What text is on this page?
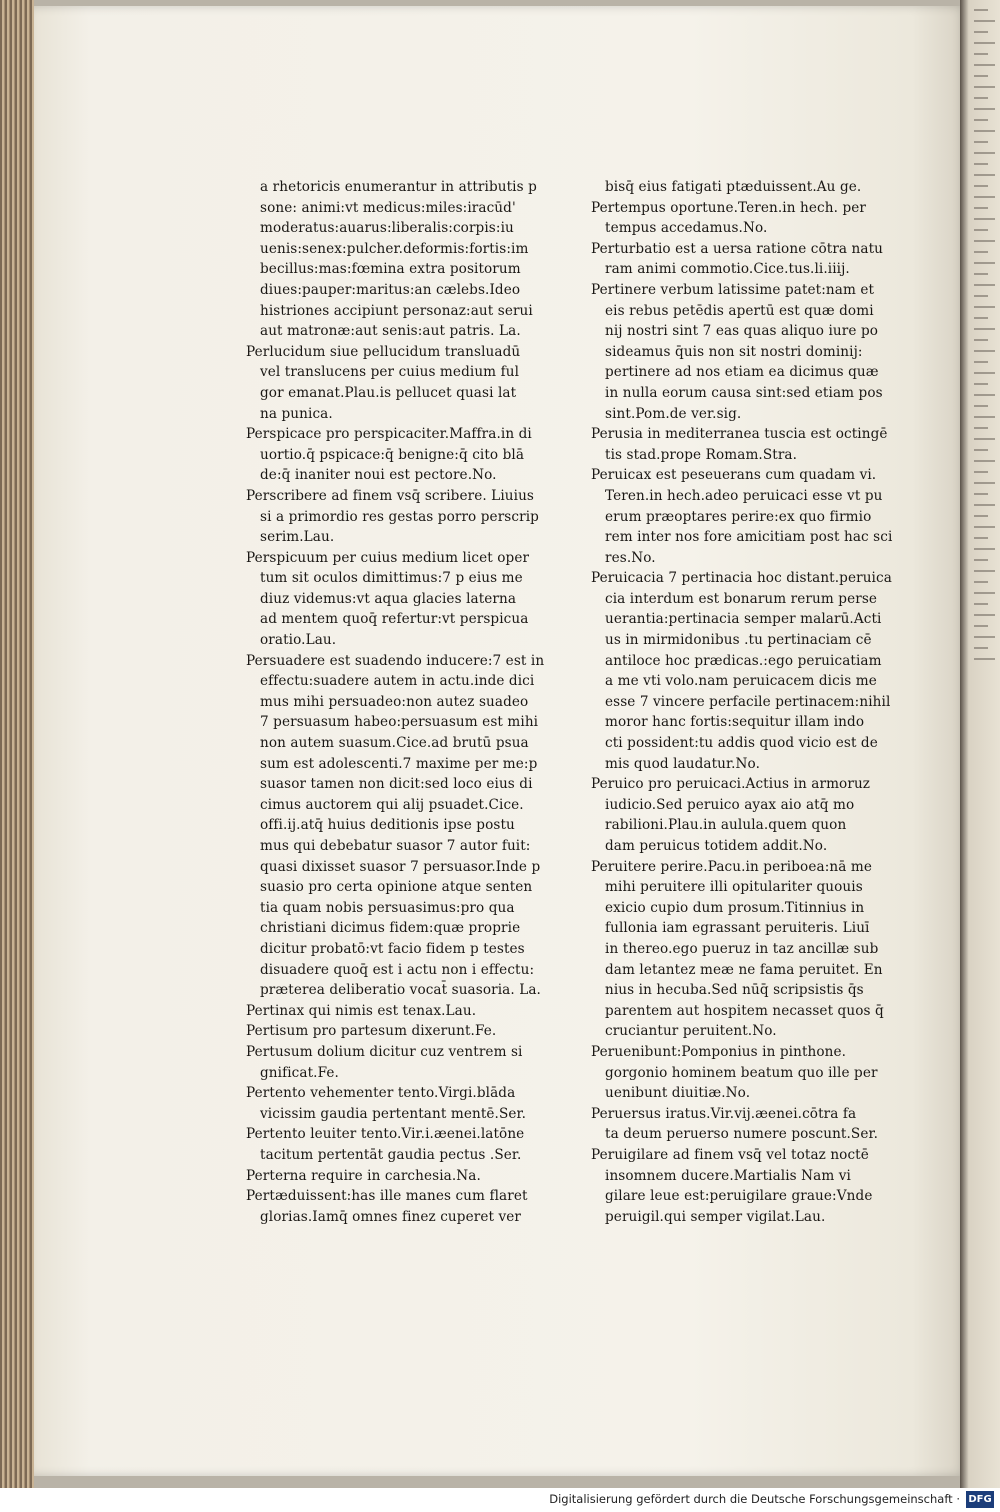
a rhetoricis enumerantur in attributis p
sone: animi:vt medicus:miles:iracūd'
moderatus:auarus:liberalis:corpis:iu
uenis:senex:pulcher.deformis:fortis:im
becillus:mas:fœmina extra positorum
diues:pauper:maritus:an cælebs.Ideo
histriones accipiunt personaz:aut serui
aut matronæ:aut senis:aut patris. La.
Perlucidum siue pellucidum transluadū
vel translucens per cuius medium ful
gor emanat.Plau.is pellucet quasi lat
na punica.
Perspicace pro perspicaciter.Maffra.in di
uortio.q̄ pspicace:q̄ benigne:q̄ cito blā
de:q̄ inaniter noui est pectore.No.
Perscribere ad finem vsq̄ scribere. Liuius
si a primordio res gestas porro perscrip
serim.Lau.
Perspicuum per cuius medium licet oper
tum sit oculos dimittimus:7 p eius me
diuz videmus:vt aqua glacies laterna
ad mentem quoq̄ refertur:vt perspicua
oratio.Lau.
Persuadere est suadendo inducere:7 est in
effectu:suadere autem in actu.inde dici
mus mihi persuadeo:non autez suadeo
7 persuasum habeo:persuasum est mihi
non autem suasum.Cice.ad brutū psua
sum est adolescenti.7 maxime per me:p
suasor tamen non dicit:sed loco eius di
cimus auctorem qui alij psuadet.Cice.
offi.ij.atq̄ huius deditionis ipse postu
mus qui debebatur suasor 7 autor fuit:
quasi dixisset suasor 7 persuasor.Inde p
suasio pro certa opinione atque senten
tia quam nobis persuasimus:pro qua
christiani dicimus fidem:quæ proprie
dicitur probatō:vt facio fidem p testes
disuadere quoq̄ est i actu non i effectu:
præterea deliberatio vocat̄ suasoria. La.
Pertinax qui nimis est tenax.Lau.
Pertisum pro partesum dixerunt.Fe.
Pertusum dolium dicitur cuz ventrem si
gnificat.Fe.
Pertento vehementer tento.Virgi.blāda
vicissim gaudia pertentant mentē.Ser.
Pertento leuiter tento.Vir.i.æenei.latōne
tacitum pertentāt gaudia pectus .Ser.
Perterna require in carchesia.Na.
Pertæduissent:has ille manes cum flaret
glorias.Iamq̄ omnes finez cuperet ver
bisq̄ eius fatigati ptæduissent.Au ge.
Pertempus oportune.Teren.in hech. per
tempus accedamus.No.
Perturbatio est a uersa ratione cōtra natu
ram animi commotio.Cice.tus.li.iiij.
Pertinere verbum latissime patet:nam et
eis rebus petēdis apertū est quæ domi
nij nostri sint 7 eas quas aliquo iure po
sideamus q̄uis non sit nostri dominij:
pertinere ad nos etiam ea dicimus quæ
in nulla eorum causa sint:sed etiam pos
sint.Pom.de ver.sig.
Perusia in mediterranea tuscia est octingē
tis stad.prope Romam.Stra.
Peruicax est peseuerans cum quadam vi.
Teren.in hech.adeo peruicaci esse vt pu
erum præoptares perire:ex quo firmio
rem inter nos fore amicitiam post hac sci
res.No.
Peruicacia 7 pertinacia hoc distant.peruica
cia interdum est bonarum rerum perse
uerantia:pertinacia semper malarū.Acti
us in mirmidonibus .tu pertinaciam cē
antiloce hoc prædicas.:ego peruicatiam
a me vti volo.nam peruicacem dicis me
esse 7 vincere perfacile pertinacem:nihil
moror hanc fortis:sequitur illam indo
cti possident:tu addis quod vicio est de
mis quod laudatur.No.
Peruico pro peruicaci.Actius in armoruz
iudicio.Sed peruico ayax aio atq̄ mo
rabilioni.Plau.in aulula.quem quon
dam peruicus totidem addit.No.
Peruitere perire.Pacu.in periboea:nā me
mihi peruitere illi opitulariter quouis
exicio cupio dum prosum.Titinnius in
fullonia iam egrassant peruiteris. Liuī
in thereo.ego pueruz in taz ancillæ sub
dam letantez meæ ne fama peruitet. En
nius in hecuba.Sed nūq̄ scripsistis q̄s
parentem aut hospitem necasset quos q̄
cruciantur peruitent.No.
Peruenibunt:Pomponius in pinthone.
gorgonio hominem beatum quo ille per
uenibunt diuitiæ.No.
Peruersus iratus.Vir.vij.æenei.cōtra fa
ta deum peruerso numere poscunt.Ser.
Peruigilare ad finem vsq̄ vel totaz noctē
insomnem ducere.Martialis Nam vi
gilare leue est:peruigilare graue:Vnde
peruigil.qui semper vigilat.Lau.
Digitalisierung gefördert durch die Deutsche Forschungsgemeinschaft · DFG
